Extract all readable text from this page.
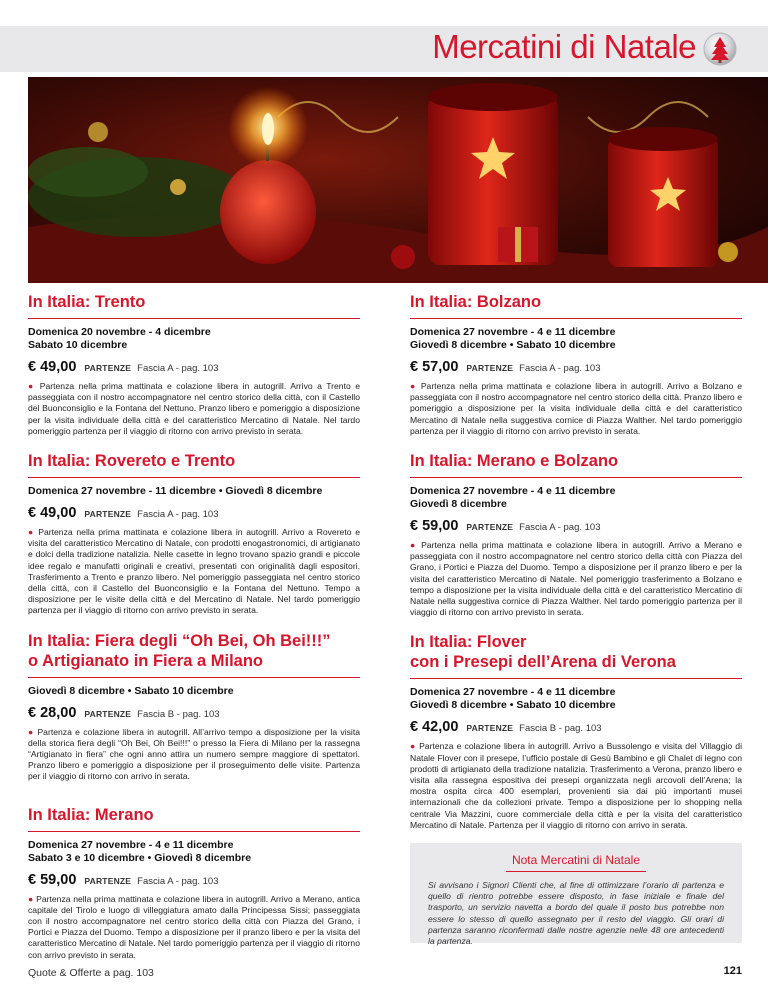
Mercatini di Natale
In Italia: Trento
Domenica 20 novembre - 4 dicembre
Sabato 10 dicembre
€ 49,00 PARTENZE Fascia A - pag. 103
● Partenza nella prima mattinata e colazione libera in autogrill. Arrivo a Trento e passeggiata con il nostro accompagnatore nel centro storico della città, con il Castello del Buonconsiglio e la Fontana del Nettuno. Pranzo libero e pomeriggio a disposizione per la visita individuale della città e del caratteristico Mercatino di Natale. Nel tardo pomeriggio partenza per il viaggio di ritorno con arrivo previsto in serata.
In Italia: Rovereto e Trento
Domenica 27 novembre - 11 dicembre • Giovedì 8 dicembre
€ 49,00 PARTENZE Fascia A - pag. 103
● Partenza nella prima mattinata e colazione libera in autogrill. Arrivo a Rovereto e visita del caratteristico Mercatino di Natale, con prodotti enogastronomici, di artigianato e dolci della tradizione natalizia. Nelle casette in legno trovano spazio grandi e piccole idee regalo e manufatti originali e creativi, presentati con originalità dagli espositori. Trasferimento a Trento e pranzo libero. Nel pomeriggio passeggiata nel centro storico della città, con il Castello del Buonconsiglio e la Fontana del Nettuno. Tempo a disposizione per le visite della città e del Mercatino di Natale. Nel tardo pomeriggio partenza per il viaggio di ritorno con arrivo previsto in serata.
In Italia: Fiera degli “Oh Bei, Oh Bei!!!”
o Artigianato in Fiera a Milano
Giovedì 8 dicembre • Sabato 10 dicembre
€ 28,00 PARTENZE Fascia B - pag. 103
● Partenza e colazione libera in autogrill. All’arrivo tempo a disposizione per la visita della storica fiera degli “Oh Bei, Oh Bei!!!” o presso la Fiera di Milano per la rassegna “Artigianato in fiera” che ogni anno attira un numero sempre maggiore di spettatori. Pranzo libero e pomeriggio a disposizione per il proseguimento delle visite. Partenza per il viaggio di ritorno con arrivo in serata.
In Italia: Merano
Domenica 27 novembre - 4 e 11 dicembre
Sabato 3 e 10 dicembre • Giovedì 8 dicembre
€ 59,00 PARTENZE Fascia A - pag. 103
● Partenza nella prima mattinata e colazione libera in autogrill. Arrivo a Merano, antica capitale del Tirolo e luogo di villeggiatura amato dalla Principessa Sissi; passeggiata con il nostro accompagnatore nel centro storico della città con Piazza del Grano, i Portici e Piazza del Duomo. Tempo a disposizione per il pranzo libero e per la visita del caratteristico Mercatino di Natale. Nel tardo pomeriggio partenza per il viaggio di ritorno con arrivo previsto in serata.
In Italia: Bolzano
Domenica 27 novembre - 4 e 11 dicembre
Giovedì 8 dicembre • Sabato 10 dicembre
€ 57,00 PARTENZE Fascia A - pag. 103
● Partenza nella prima mattinata e colazione libera in autogrill. Arrivo a Bolzano e passeggiata con il nostro accompagnatore nel centro storico della città. Pranzo libero e pomeriggio a disposizione per la visita individuale della città e del caratteristico Mercatino di Natale nella suggestiva cornice di Piazza Walther. Nel tardo pomeriggio partenza per il viaggio di ritorno con arrivo previsto in serata.
In Italia: Merano e Bolzano
Domenica 27 novembre - 4 e 11 dicembre
Giovedì 8 dicembre
€ 59,00 PARTENZE Fascia A - pag. 103
● Partenza nella prima mattinata e colazione libera in autogrill. Arrivo a Merano e passeggiata con il nostro accompagnatore nel centro storico della città con Piazza del Grano, i Portici e Piazza del Duomo. Tempo a disposizione per il pranzo libero e per la visita del caratteristico Mercatino di Natale. Nel pomeriggio trasferimento a Bolzano e tempo a disposizione per la visita individuale della città e del caratteristico Mercatino di Natale nella suggestiva cornice di Piazza Walther. Nel tardo pomeriggio partenza per il viaggio di ritorno con arrivo previsto in serata.
In Italia: Flover
con i Presepi dell’Arena di Verona
Domenica 27 novembre - 4 e 11 dicembre
Giovedì 8 dicembre • Sabato 10 dicembre
€ 42,00 PARTENZE Fascia B - pag. 103
● Partenza e colazione libera in autogrill. Arrivo a Bussolengo e visita del Villaggio di Natale Flover con il presepe, l’ufficio postale di Gesù Bambino e gli Chalet di legno con prodotti di artigianato della tradizione natalizia. Trasferimento a Verona, pranzo libero e visita alla rassegna espositiva dei presepi organizzata negli arcovoli dell’Arena; la mostra ospita circa 400 esemplari, provenienti sia dai più importanti musei internazionali che da collezioni private. Tempo a disposizione per lo shopping nella centrale Via Mazzini, cuore commerciale della città e per la visita del caratteristico Mercatino di Natale. Partenza per il viaggio di ritorno con arrivo in serata.
Nota Mercatini di Natale
Si avvisano i Signori Clienti che, al fine di ottimizzare l’orario di partenza e quello di rientro potrebbe essere disposto, in fase iniziale e finale del trasporto, un servizio navetta a bordo del quale il posto bus potrebbe non essere lo stesso di quello assegnato per il resto del viaggio. Gli orari di partenza saranno riconfermati dalle nostre agenzie nelle 48 ore antecedenti la partenza.
Quote & Offerte a pag. 103	121
